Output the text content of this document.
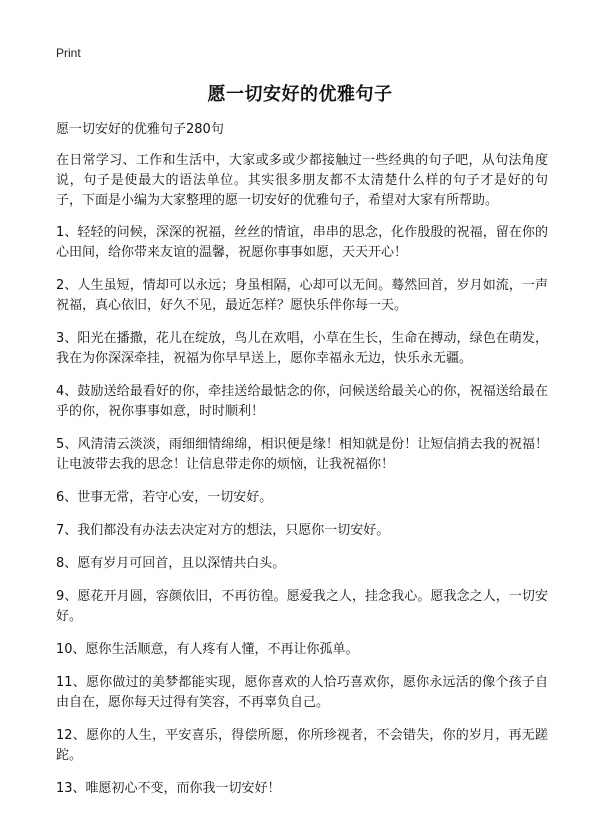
Print
愿一切安好的优雅句子

愿一切安好的优雅句子280句

在日常学习、工作和生活中，大家或多或少都接触过一些经典的句子吧，从句法角度说，句子是使最大的语法单位。其实很多朋友都不太清楚什么样的句子才是好的句子，下面是小编为大家整理的愿一切安好的优雅句子，希望对大家有所帮助。

1、轻轻的问候，深深的祝福，丝丝的情谊，串串的思念，化作殷殷的祝福，留在你的心田间，给你带来友谊的温馨，祝愿你事事如愿，天天开心！

2、人生虽短，情却可以永远；身虽相隔，心却可以无间。蓦然回首，岁月如流，一声祝福，真心依旧，好久不见，最近怎样？愿快乐伴你每一天。

3、阳光在播撒，花儿在绽放，鸟儿在欢唱，小草在生长，生命在搏动，绿色在萌发，我在为你深深牵挂，祝福为你早早送上，愿你幸福永无边，快乐永无疆。

4、鼓励送给最看好的你，牵挂送给最惦念的你，问候送给最关心的你，祝福送给最在乎的你，祝你事事如意，时时顺利！

5、风清清云淡淡，雨细细情绵绵，相识便是缘！相知就是份！让短信捎去我的祝福！让电波带去我的思念！让信息带走你的烦恼，让我祝福你！

6、世事无常，若守心安，一切安好。

7、我们都没有办法去决定对方的想法，只愿你一切安好。

8、愿有岁月可回首，且以深情共白头。

9、愿花开月圆，容颜依旧，不再彷徨。愿爱我之人，挂念我心。愿我念之人，一切安好。

10、愿你生活顺意，有人疼有人懂，不再让你孤单。

11、愿你做过的美梦都能实现，愿你喜欢的人恰巧喜欢你，愿你永远活的像个孩子自由自在，愿你每天过得有笑容，不再辜负自己。

12、愿你的人生，平安喜乐，得偿所愿，你所珍视者，不会错失，你的岁月，再无蹉跎。

13、唯愿初心不变，而你我一切安好！
